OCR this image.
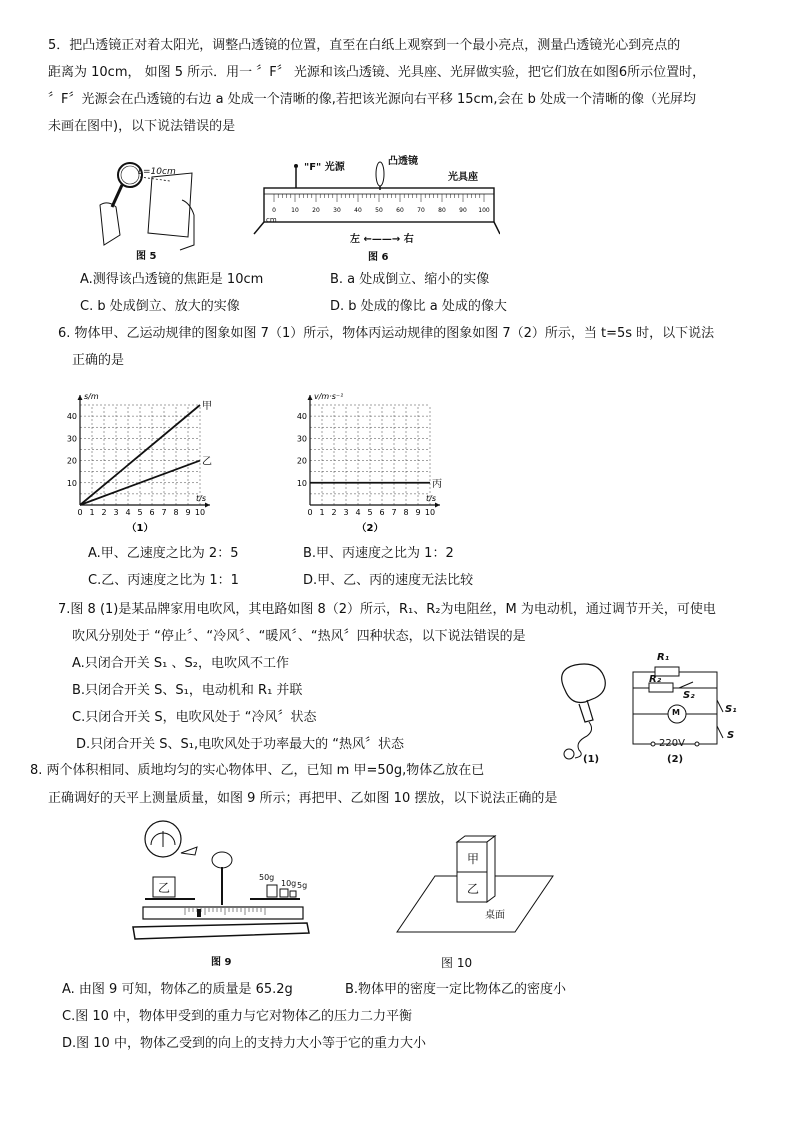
5．把凸透镜正对着太阳光，调整凸透镜的位置，直至在白纸上观察到一个最小亮点，测量凸透镜光心到亮点的
距离为 10cm， 如图 5 所示．用一 〞F〞 光源和该凸透镜、光具座、光屏做实验，把它们放在如图6所示位置时，
〞F〞光源会在凸透镜的右边 a 处成一个清晰的像,若把该光源向右平移 15cm,会在 b 处成一个清晰的像（光屏均
未画在图中)，以下说法错误的是
L=10cm
图 5
0	10 20 30 40 50 60 70 80 90 100
"F" 光源
凸透镜
光具座
cm
左 ←——→ 右
图 6
A.测得该凸透镜的焦距是 10cm	B. a 处成倒立、缩小的实像
C. b 处成倒立、放大的实像	D. b 处成的像比 a 处成的像大
6. 物体甲、乙运动规律的图象如图 7（1）所示，物体丙运动规律的图象如图 7（2）所示，当 t=5s 时，以下说法
正确的是
0 1 2 3 4 5 6 7 8 9 10
10
20
30
40
t/s
s/m
甲
乙
（1）
0 1 2 3 4 5 6 7 8 9 10
10
20
30
40
t/s
v/m·s⁻¹
丙
（2）
A.甲、乙速度之比为 2：5	B.甲、丙速度之比为 1：2
C.乙、丙速度之比为 1：1	D.甲、乙、丙的速度无法比较
7.图 8 (1)是某品牌家用电吹风，其电路如图 8（2）所示，R₁、R₂为电阻丝，M 为电动机，通过调节开关，可使电
吹风分别处于 “停止〞、“冷风〞、“暖风〞、“热风〞四种状态，以下说法错误的是
A.只闭合开关 S₁ 、S₂，电吹风不工作
B.只闭合开关 S、S₁，电动机和 R₁ 并联
C.只闭合开关 S，电吹风处于 “冷风〞状态
D.只闭合开关 S、S₁,电吹风处于功率最大的 “热风〞状态
R₁
R₂
S₂
M	S₁
S
220V
(1)	(2)
8. 两个体积相同、质地均匀的实心物体甲、乙，已知 m 甲=50g,物体乙放在已
正确调好的天平上测量质量，如图 9 所示；再把甲、乙如图 10 摆放，以下说法正确的是
乙
50g
10g 5g
图 9
甲
乙
桌面
图 10
A. 由图 9 可知，物体乙的质量是 65.2g	B.物体甲的密度一定比物体乙的密度小
C.图 10 中，物体甲受到的重力与它对物体乙的压力二力平衡
D.图 10 中，物体乙受到的向上的支持力大小等于它的重力大小
